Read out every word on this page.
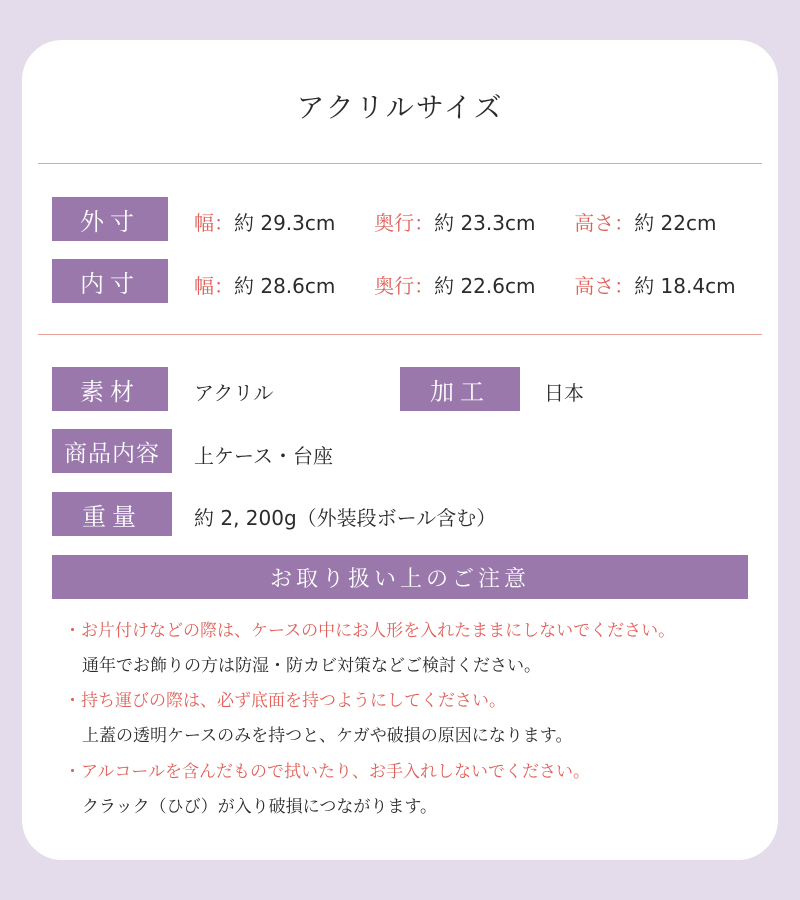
アクリルサイズ
外寸	幅：約 29.3cm 奥行：約 23.3cm 高さ：約 22cm
内寸	幅：約 28.6cm 奥行：約 22.6cm 高さ：約 18.4cm
素材	アクリル	加工	日本
商品内容	上ケース・台座
重量	約 2, 200g（外装段ボール含む）
お取り扱い上のご注意
・お片付けなどの際は、ケースの中にお人形を入れたままにしないでください。
通年でお飾りの方は防湿・防カビ対策などご検討ください。
・持ち運びの際は、必ず底面を持つようにしてください。
上蓋の透明ケースのみを持つと、ケガや破損の原因になります。
・アルコールを含んだもので拭いたり、お手入れしないでください。
クラック（ひび）が入り破損につながります。
